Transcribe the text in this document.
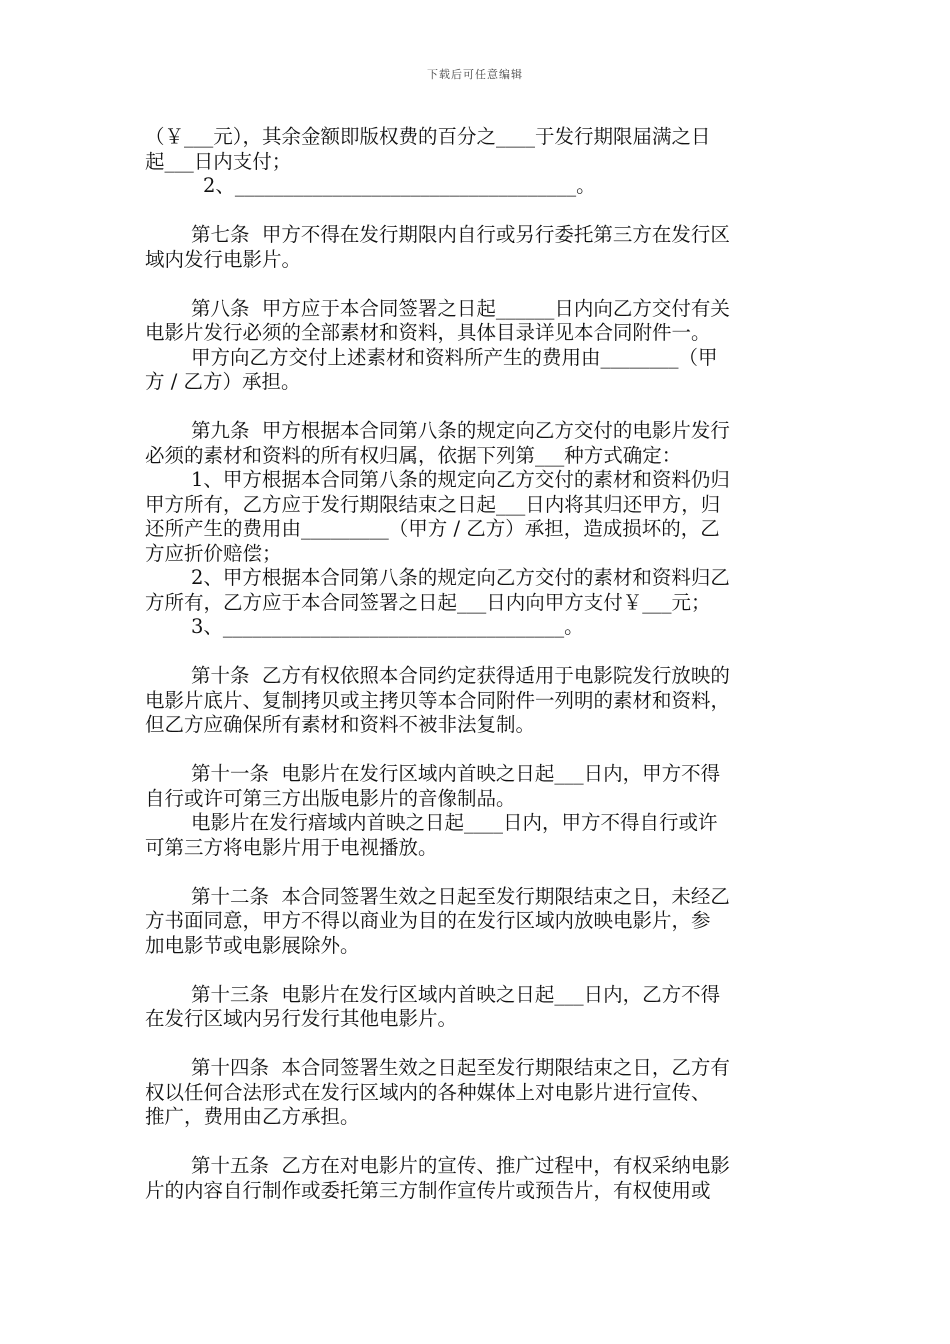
下载后可任意编辑
（￥___元），其余金额即版权费的百分之____于发行期限届满之日
起___日内支付；
2、___________________________________。
第七条  甲方不得在发行期限内自行或另行委托第三方在发行区
域内发行电影片。
第八条  甲方应于本合同签署之日起______日内向乙方交付有关
电影片发行必须的全部素材和资料，具体目录详见本合同附件一。
甲方向乙方交付上述素材和资料所产生的费用由________（甲
方 / 乙方）承担。
第九条  甲方根据本合同第八条的规定向乙方交付的电影片发行
必须的素材和资料的所有权归属，依据下列第___种方式确定：
1、甲方根据本合同第八条的规定向乙方交付的素材和资料仍归
甲方所有，乙方应于发行期限结束之日起___日内将其归还甲方，归
还所产生的费用由_________（甲方 / 乙方）承担，造成损坏的，乙
方应折价赔偿；
2、甲方根据本合同第八条的规定向乙方交付的素材和资料归乙
方所有，乙方应于本合同签署之日起___日内向甲方支付￥___元；
3、___________________________________。
第十条  乙方有权依照本合同约定获得适用于电影院发行放映的
电影片底片、复制拷贝或主拷贝等本合同附件一列明的素材和资料，
但乙方应确保所有素材和资料不被非法复制。
第十一条  电影片在发行区域内首映之日起___日内，甲方不得
自行或许可第三方出版电影片的音像制品。
电影片在发行瘖域内首映之日起____日内，甲方不得自行或许
可第三方将电影片用于电视播放。
第十二条  本合同签署生效之日起至发行期限结束之日，未经乙
方书面同意，甲方不得以商业为目的在发行区域内放映电影片，参
加电影节或电影展除外。
第十三条  电影片在发行区域内首映之日起___日内，乙方不得
在发行区域内另行发行其他电影片。
第十四条  本合同签署生效之日起至发行期限结束之日，乙方有
权以任何合法形式在发行区域内的各种媒体上对电影片进行宣传、
推广，费用由乙方承担。
第十五条  乙方在对电影片的宣传、推广过程中，有权采纳电影
片的内容自行制作或委托第三方制作宣传片或预告片，有权使用或
